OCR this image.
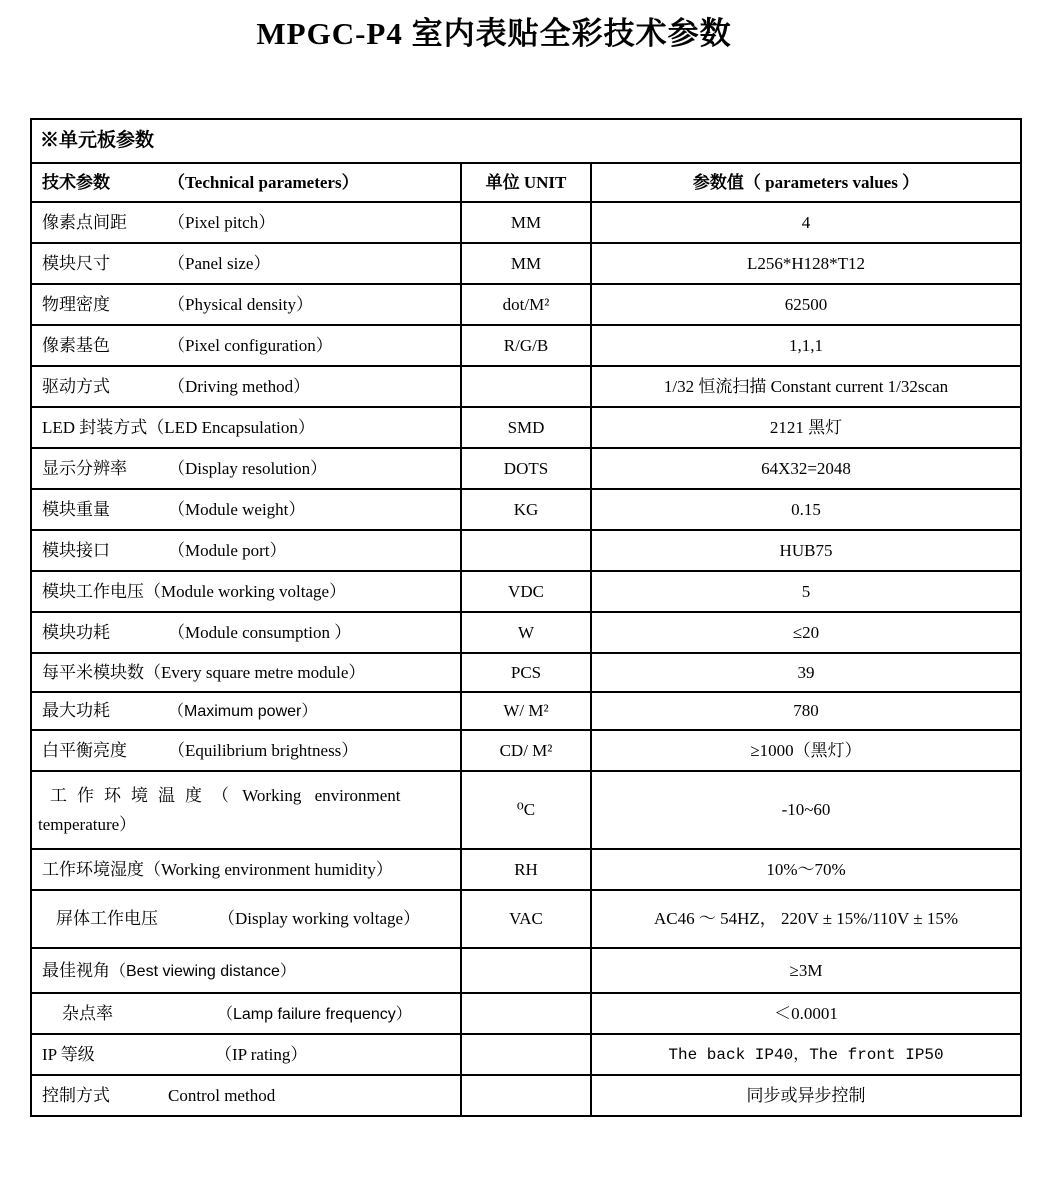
MPGC-P4 室内表贴全彩技术参数
※单元板参数		
技术参数 （Technical parameters）	单位 UNIT	参数值（ parameters values ）
像素点间距 （Pixel pitch）	MM	4
模块尺寸 （Panel size）	MM	L256*H128*T12
物理密度 （Physical density）	dot/M²	62500
像素基色 （Pixel configuration）	R/G/B	1,1,1
驱动方式 （Driving method）		1/32 恒流扫描 Constant current 1/32scan
LED 封装方式（LED Encapsulation）	SMD	2121 黑灯
显示分辨率 （Display resolution）	DOTS	64X32=2048
模块重量 （Module weight）	KG	0.15
模块接口 （Module port）		HUB75
模块工作电压（Module working voltage）	VDC	5
模块功耗 （Module consumption ）	W	≤20
每平米模块数（Every square metre module）	PCS	39
最大功耗 （Maximum power）	W/ M²	780
白平衡亮度 （Equilibrium brightness）	CD/ M²	≥1000（黑灯）
工作环境温度（ Working environment temperature）	⁰C	-10~60
工作环境湿度（Working environment humidity）	RH	10%～70%
屏体工作电压 （Display working voltage）	VAC	AC46 ～ 54HZ， 220V ± 15%/110V ± 15%
最佳视角（Best viewing distance）		≥3M
杂点率 （Lamp failure frequency）		＜0.0001
IP 等级 （IP rating）		The back IP40，The front IP50
控制方式 Control method		同步或异步控制
